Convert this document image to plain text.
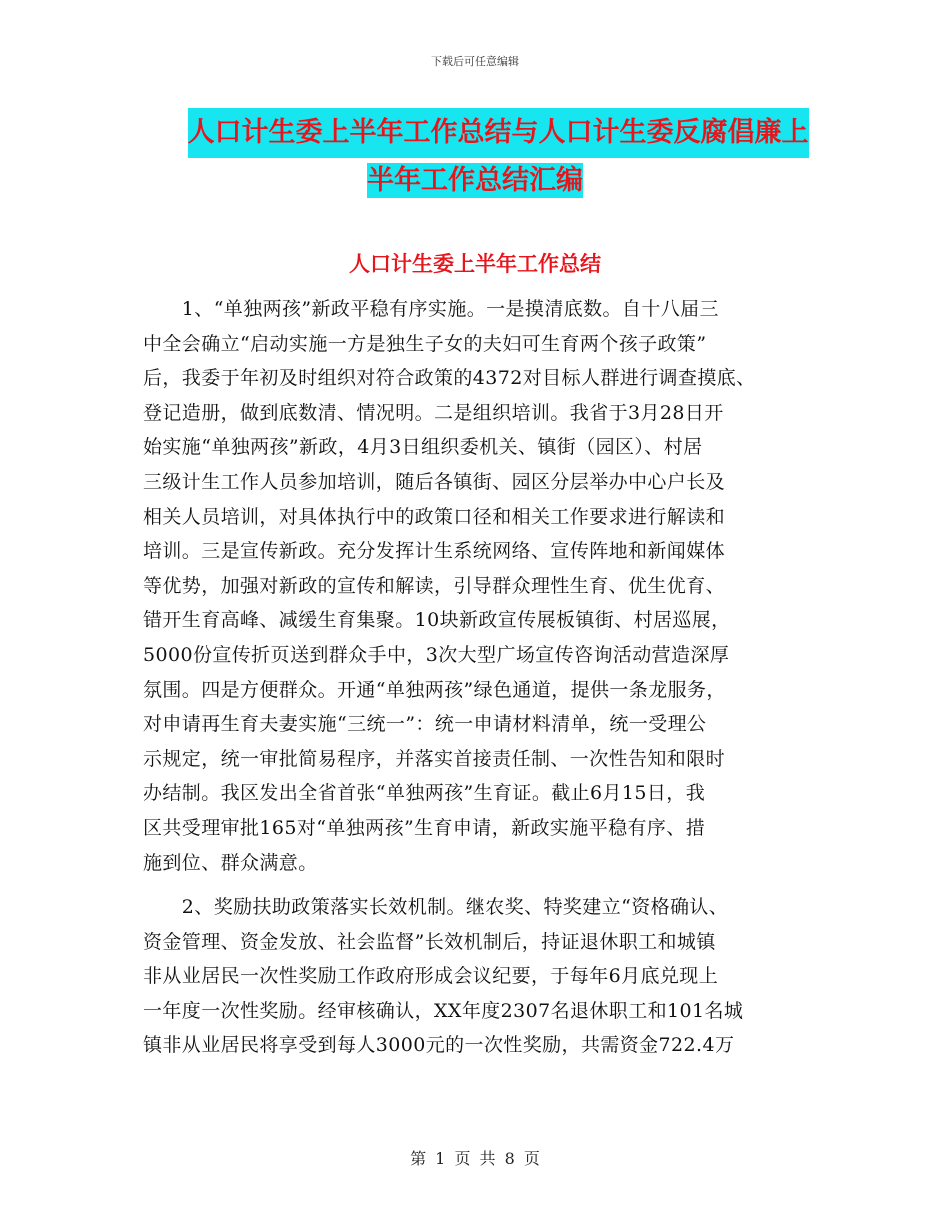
下载后可任意编辑
人口计生委上半年工作总结与人口计生委反腐倡廉上
半年工作总结汇编
人口计生委上半年工作总结
　　1、“单独两孩”新政平稳有序实施。一是摸清底数。自十八届三
中全会确立“启动实施一方是独生子女的夫妇可生育两个孩子政策”
后，我委于年初及时组织对符合政策的4372对目标人群进行调查摸底、
登记造册，做到底数清、情况明。二是组织培训。我省于3月28日开
始实施“单独两孩”新政，4月3日组织委机关、镇街（园区）、村居
三级计生工作人员参加培训，随后各镇街、园区分层举办中心户长及
相关人员培训，对具体执行中的政策口径和相关工作要求进行解读和
培训。三是宣传新政。充分发挥计生系统网络、宣传阵地和新闻媒体
等优势，加强对新政的宣传和解读，引导群众理性生育、优生优育、
错开生育高峰、减缓生育集聚。10块新政宣传展板镇街、村居巡展，
5000份宣传折页送到群众手中，3次大型广场宣传咨询活动营造深厚
氛围。四是方便群众。开通“单独两孩”绿色通道，提供一条龙服务，
对申请再生育夫妻实施“三统一”：统一申请材料清单，统一受理公
示规定，统一审批简易程序，并落实首接责任制、一次性告知和限时
办结制。我区发出全省首张“单独两孩”生育证。截止6月15日，我
区共受理审批165对“单独两孩”生育申请，新政实施平稳有序、措
施到位、群众满意。
　　2、奖励扶助政策落实长效机制。继农奖、特奖建立“资格确认、
资金管理、资金发放、社会监督”长效机制后，持证退休职工和城镇
非从业居民一次性奖励工作政府形成会议纪要，于每年6月底兑现上
一年度一次性奖励。经审核确认，XX年度2307名退休职工和101名城
镇非从业居民将享受到每人3000元的一次性奖励，共需资金722.4万
第 1 页 共 8 页
